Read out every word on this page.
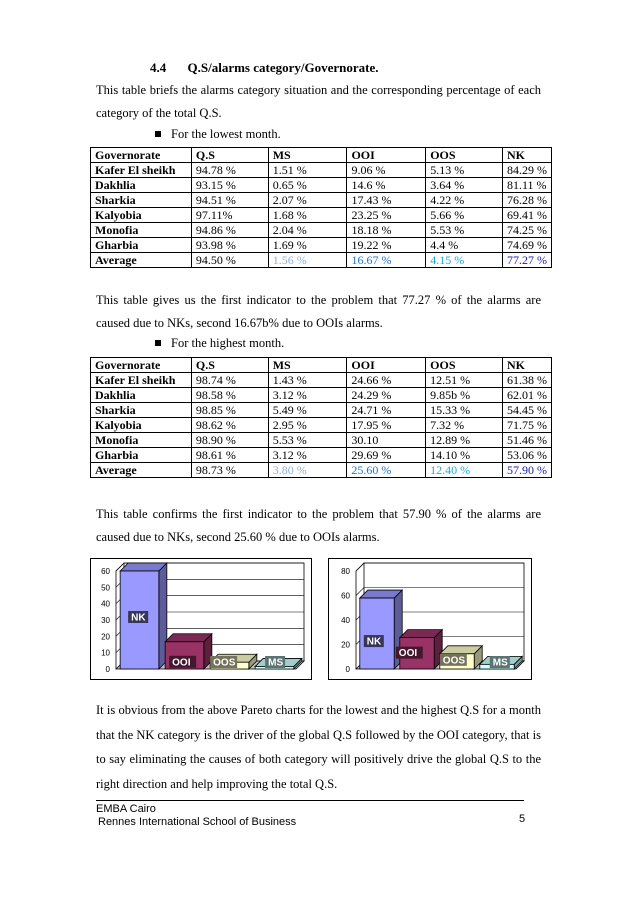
4.4 Q.S/alarms category/Governorate.
This table briefs the alarms category situation and the corresponding percentage of each category of the total Q.S.
For the lowest month.
Governorate	Q.S	MS	OOI	OOS	NK
Kafer El sheikh	94.78 %	1.51 %	9.06 %	5.13 %	84.29 %
Dakhlia	93.15 %	0.65 %	14.6 %	3.64 %	81.11 %
Sharkia	94.51 %	2.07 %	17.43 %	4.22 %	76.28 %
Kalyobia	97.11%	1.68 %	23.25 %	5.66 %	69.41 %
Monofia	94.86 %	2.04 %	18.18 %	5.53 %	74.25 %
Gharbia	93.98 %	1.69 %	19.22 %	4.4 %	74.69 %
Average	94.50 %	1.56 %	16.67 %	4.15 %	77.27 %
This table gives us the first indicator to the problem that 77.27 % of the alarms are caused due to NKs, second 16.67b% due to OOIs alarms.
For the highest month.
Governorate	Q.S	MS	OOI	OOS	NK
Kafer El sheikh	98.74 %	1.43 %	24.66 %	12.51 %	61.38 %
Dakhlia	98.58 %	3.12 %	24.29 %	9.85b %	62.01 %
Sharkia	98.85 %	5.49 %	24.71 %	15.33 %	54.45 %
Kalyobia	98.62 %	2.95 %	17.95 %	7.32 %	71.75 %
Monofia	98.90 %	5.53 %	30.10	12.89 %	51.46 %
Gharbia	98.61 %	3.12 %	29.69 %	14.10 %	53.06 %
Average	98.73 %	3.80 %	25.60 %	12.40 %	57.90 %
This table confirms the first indicator to the problem that 57.90 % of the alarms are caused due to NKs, second 25.60 % due to OOIs alarms.
0
10
20
30
40
50
60
NK
OOI OOS	MS
0
20
40
60
80
NK
OOI
OOS	MS
It is obvious from the above Pareto charts for the lowest and the highest Q.S for a month that the NK category is the driver of the global Q.S followed by the OOI category, that is to say eliminating the causes of both category will positively drive the global Q.S to the right direction and help improving the total Q.S.
EMBA Cairo
Rennes International School of Business	5
